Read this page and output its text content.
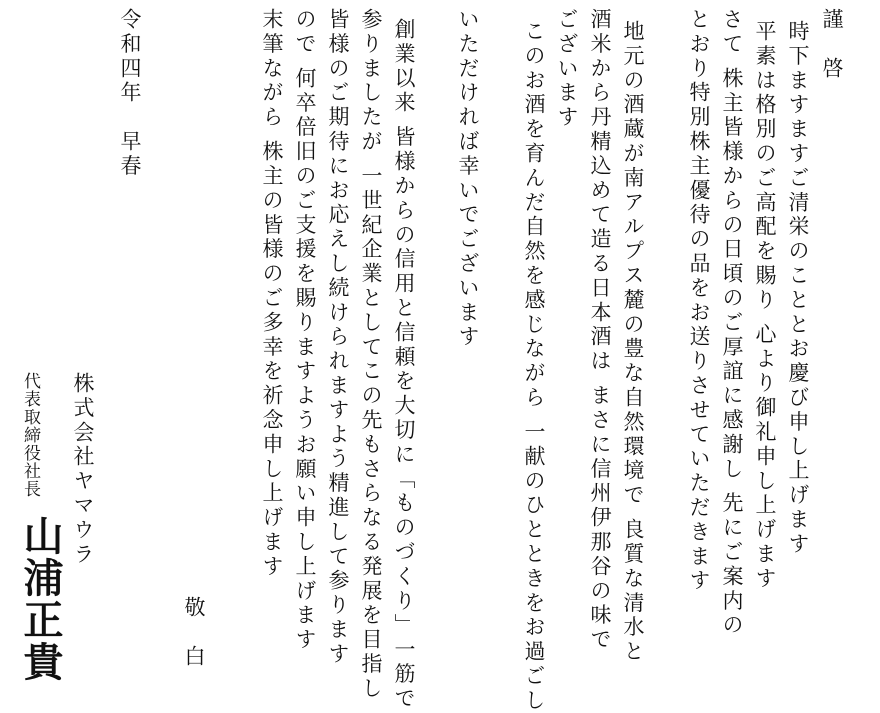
謹　啓
時下ますますご清栄のこととお慶び申し上げます
平素は格別のご高配を賜り 心より御礼申し上げます
さて 株主皆様からの日頃のご厚誼に感謝し 先にご案内の
とおり特別株主優待の品をお送りさせていただきます
地元の酒蔵が南アルプス麓の豊な自然環境で 良質な清水と
酒米から丹精込めて造る日本酒は まさに信州伊那谷の味で
ございます
このお酒を育んだ自然を感じながら 一献のひとときをお過ごし
いただければ幸いでございます
創業以来 皆様からの信用と信頼を大切に「ものづくり」一筋で
参りましたが 一世紀企業としてこの先もさらなる発展を目指し
皆様のご期待にお応えし続けられますよう精進して参ります
ので 何卒倍旧のご支援を賜りますようお願い申し上げます
末筆ながら 株主の皆様のご多幸を祈念申し上げます
敬　白
令和四年　早春
株式会社ヤマウラ
代表取締役社長
山浦正貴
